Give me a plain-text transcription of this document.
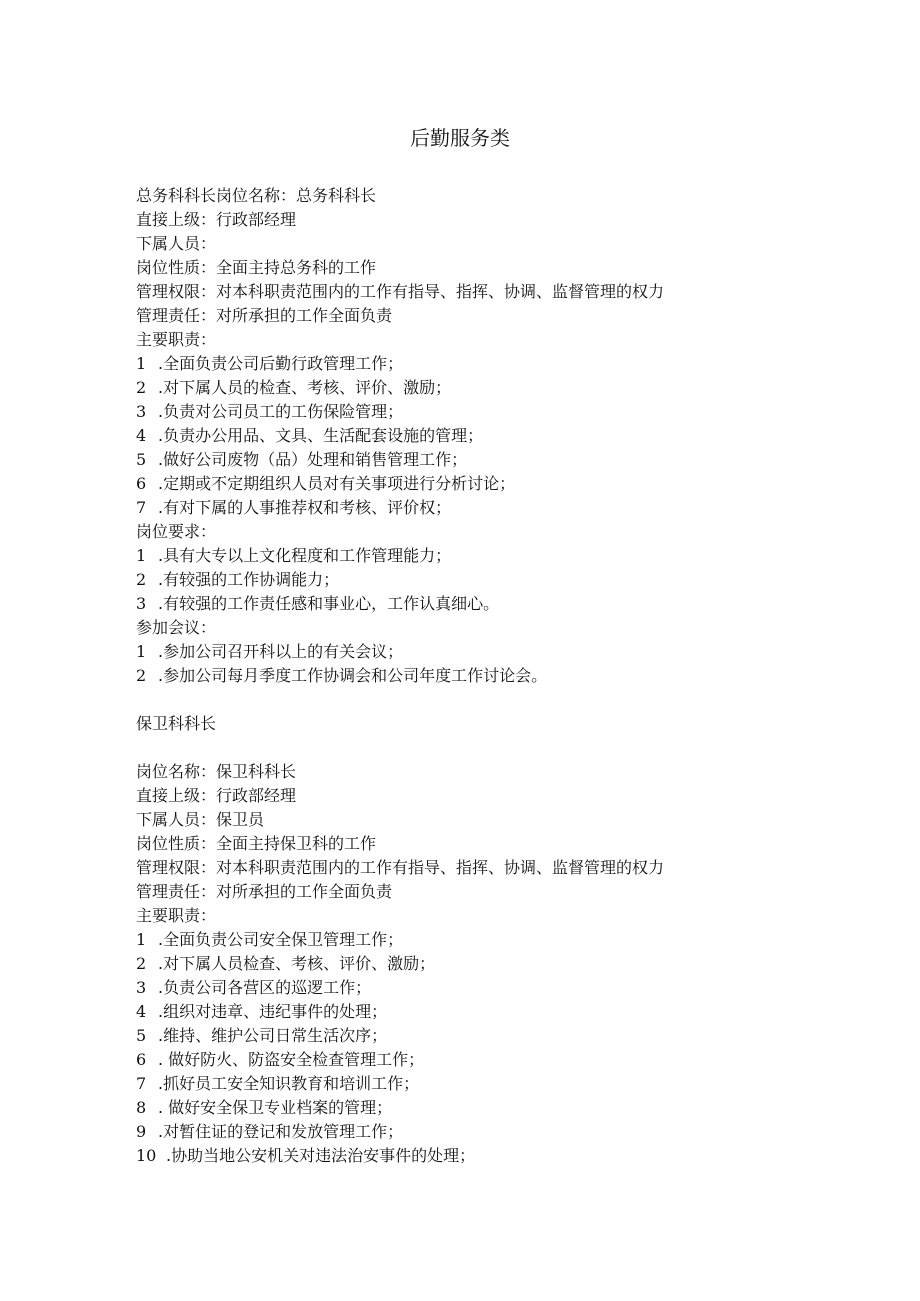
后勤服务类

总务科科长岗位名称：总务科科长

直接上级：行政部经理

下属人员：

岗位性质：全面主持总务科的工作

管理权限：对本科职责范围内的工作有指导、指挥、协调、监督管理的权力

管理责任：对所承担的工作全面负责

主要职责：

1 .全面负责公司后勤行政管理工作；
2 .对下属人员的检查、考核、评价、激励；
3 .负责对公司员工的工伤保险管理；
4 .负责办公用品、文具、生活配套设施的管理；
5 .做好公司废物（品）处理和销售管理工作；
6 .定期或不定期组织人员对有关事项进行分析讨论；
7 .有对下属的人事推荐权和考核、评价权；

岗位要求：

1 .具有大专以上文化程度和工作管理能力；
2 .有较强的工作协调能力；
3 .有较强的工作责任感和事业心，工作认真细心。

参加会议：

1 .参加公司召开科以上的有关会议；
2 .参加公司每月季度工作协调会和公司年度工作讨论会。

保卫科科长

岗位名称：保卫科科长

直接上级：行政部经理

下属人员：保卫员

岗位性质：全面主持保卫科的工作

管理权限：对本科职责范围内的工作有指导、指挥、协调、监督管理的权力

管理责任：对所承担的工作全面负责

主要职责：

1 .全面负责公司安全保卫管理工作；
2 .对下属人员检查、考核、评价、激励；
3 .负责公司各营区的巡逻工作；
4 .组织对违章、违纪事件的处理；
5 .维持、维护公司日常生活次序；
6 . 做好防火、防盗安全检查管理工作；
7 .抓好员工安全知识教育和培训工作；
8 . 做好安全保卫专业档案的管理；
9 .对暂住证的登记和发放管理工作；
10 .协助当地公安机关对违法治安事件的处理；
